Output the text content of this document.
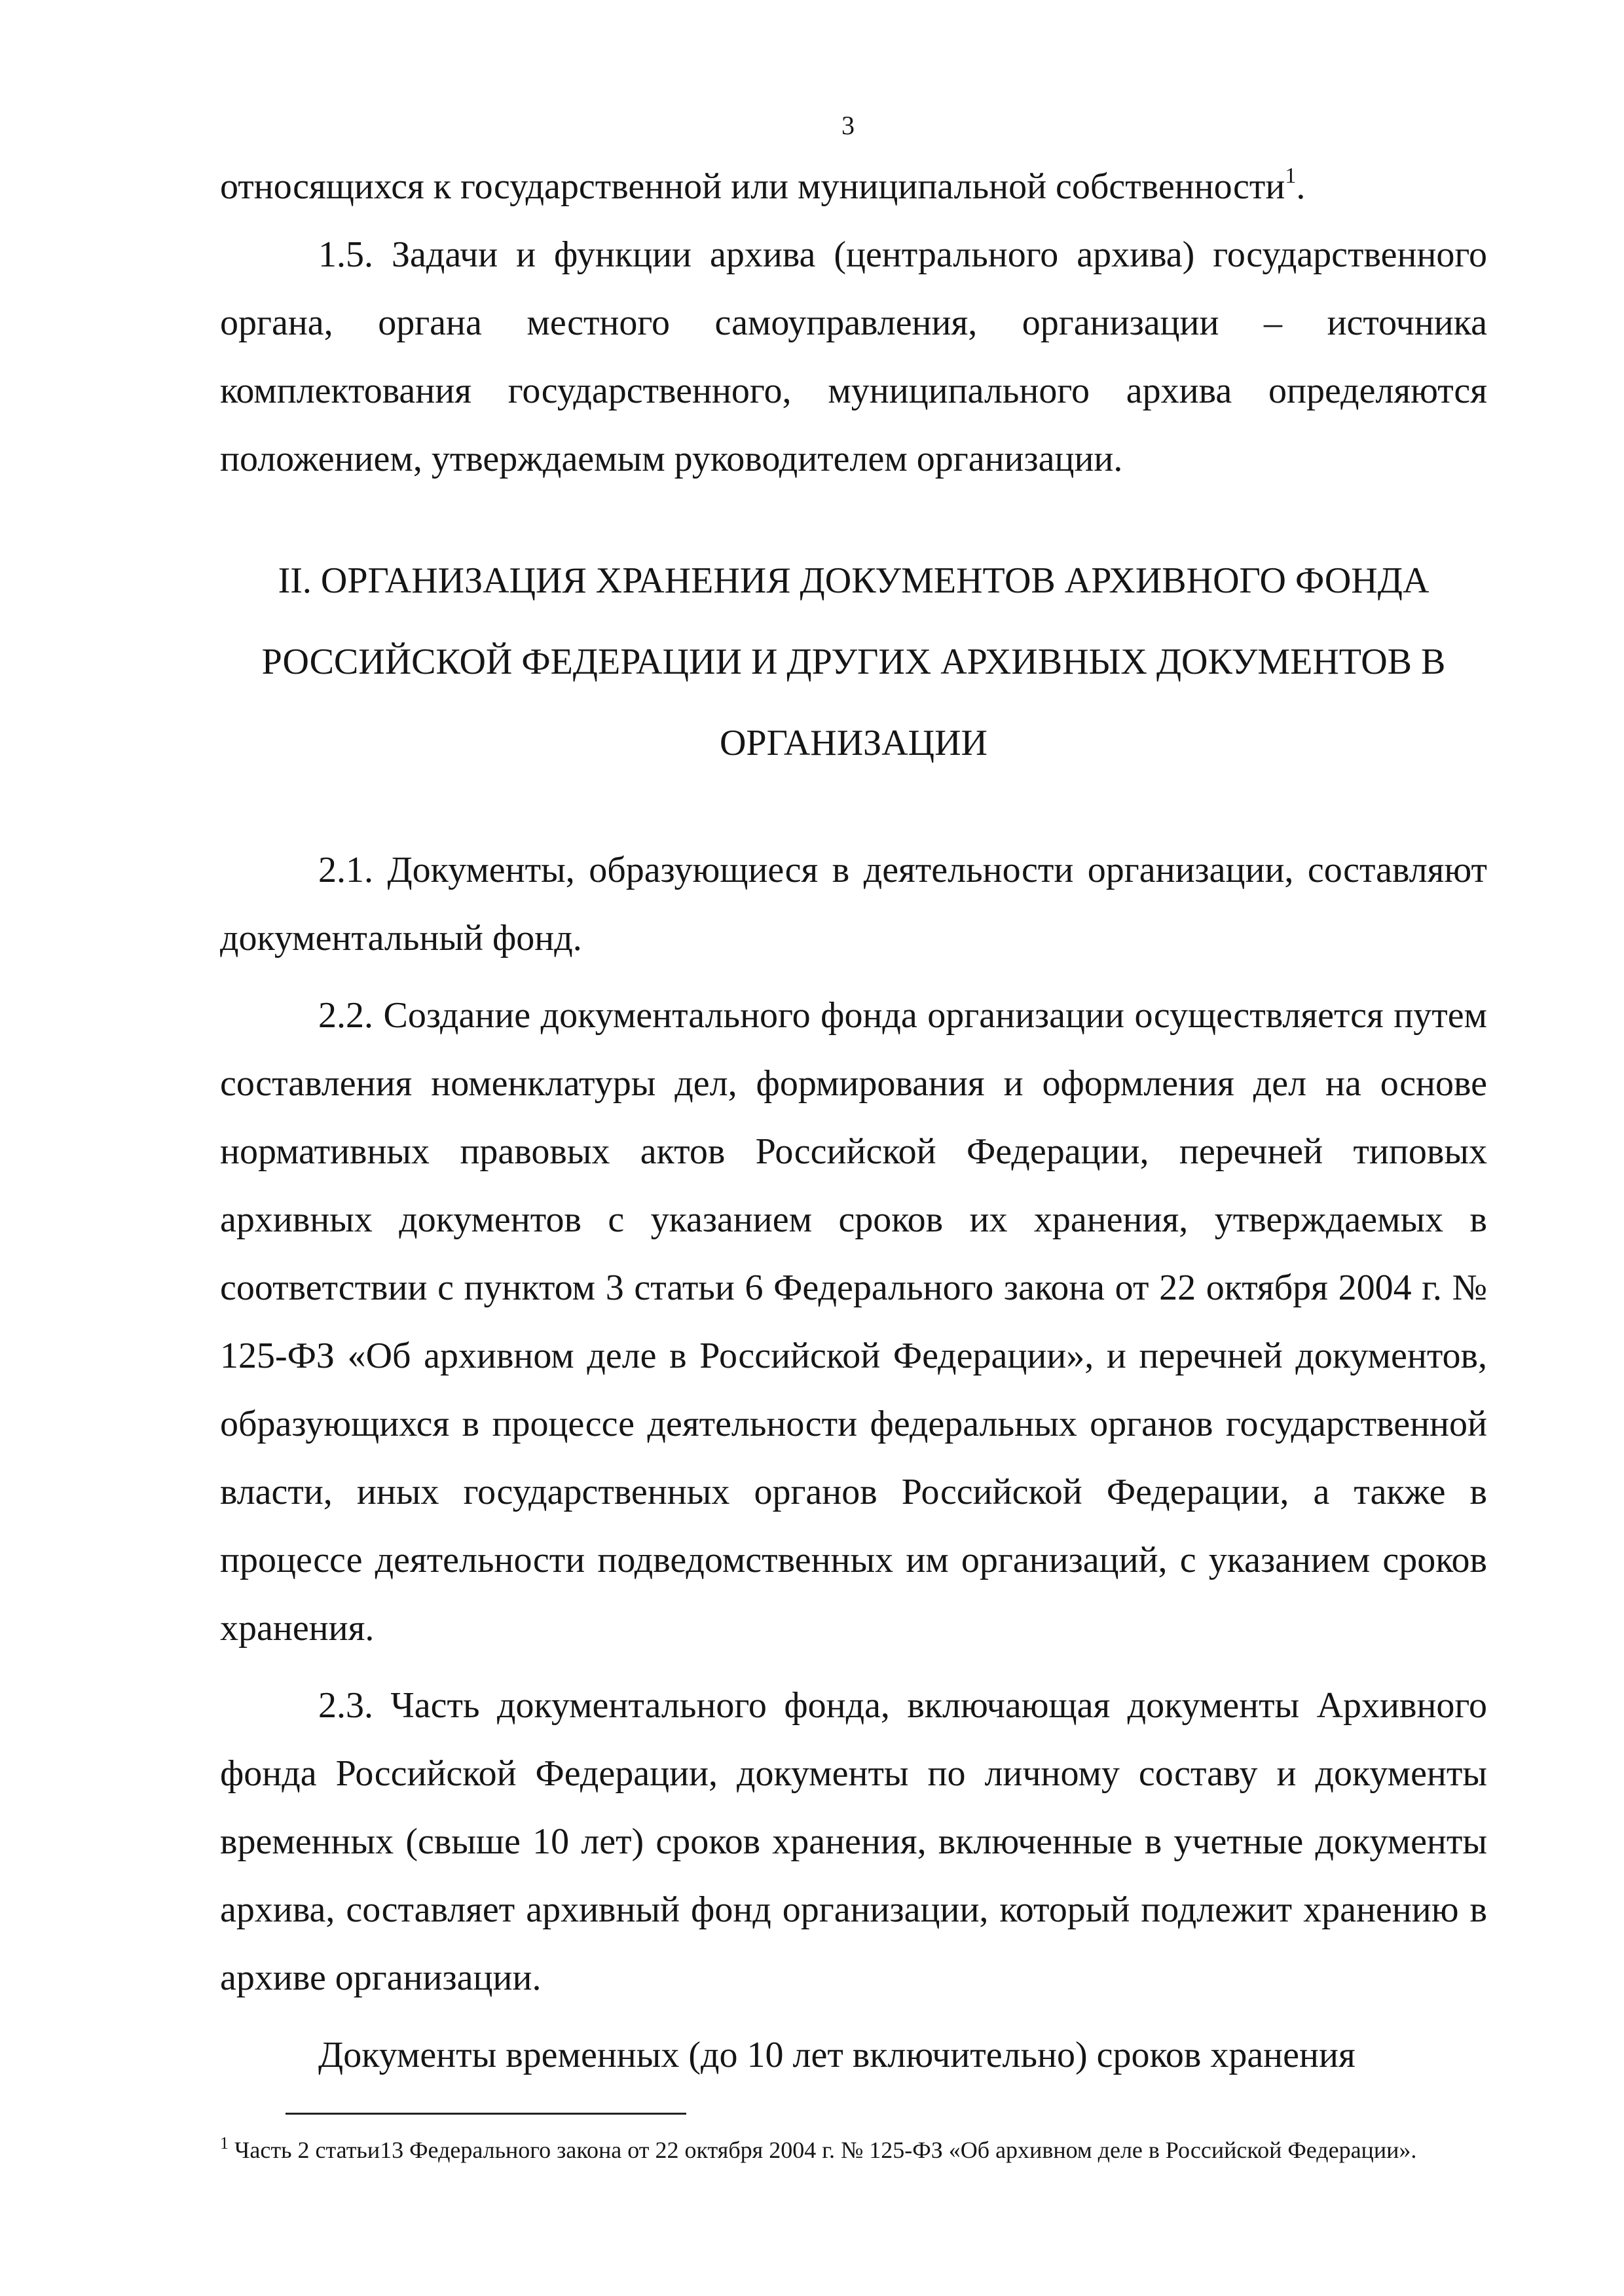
3

относящихся к государственной или муниципальной собственности$^1$.

1.5. Задачи и функции архива (центрального архива) государственного органа, органа местного самоуправления, организации – источника комплектования государственного, муниципального архива определяются положением, утверждаемым руководителем организации.

II. ОРГАНИЗАЦИЯ ХРАНЕНИЯ ДОКУМЕНТОВ АРХИВНОГО ФОНДА РОССИЙСКОЙ ФЕДЕРАЦИИ И ДРУГИХ АРХИВНЫХ ДОКУМЕНТОВ В ОРГАНИЗАЦИИ

2.1. Документы, образующиеся в деятельности организации, составляют документальный фонд.

2.2. Создание документального фонда организации осуществляется путем составления номенклатуры дел, формирования и оформления дел на основе нормативных правовых актов Российской Федерации, перечней типовых архивных документов с указанием сроков их хранения, утверждаемых в соответствии с пунктом 3 статьи 6 Федерального закона от 22 октября 2004 г. № 125-ФЗ «Об архивном деле в Российской Федерации», и перечней документов, образующихся в процессе деятельности федеральных органов государственной власти, иных государственных органов Российской Федерации, а также в процессе деятельности подведомственных им организаций, с указанием сроков хранения.

2.3. Часть документального фонда, включающая документы Архивного фонда Российской Федерации, документы по личному составу и документы временных (свыше 10 лет) сроков хранения, включенные в учетные документы архива, составляет архивный фонд организации, который подлежит хранению в архиве организации.

Документы временных (до 10 лет включительно) сроков хранения

$^1$ Часть 2 статьи13 Федерального закона от 22 октября 2004 г. № 125-ФЗ «Об архивном деле в Российской Федерации».
